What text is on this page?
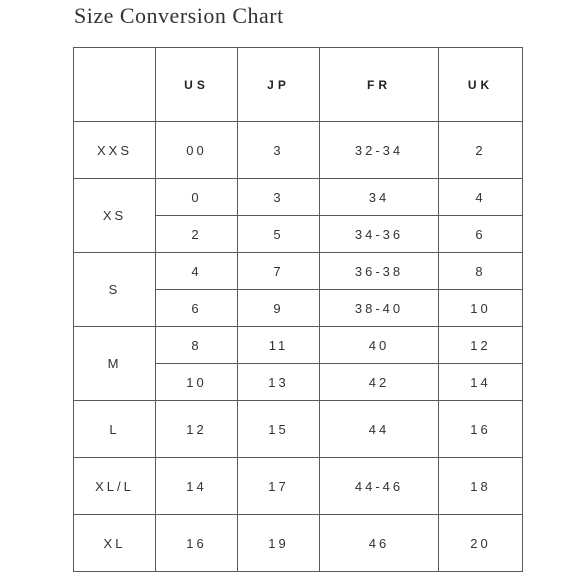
Size Conversion Chart
	US	JP	FR	UK
XXS	00	3	32-34	2
XS	0	3	34	4
	2	5	34-36	6
S	4	7	36-38	8
	6	9	38-40	10
M	8	11	40	12
	10	13	42	14
L	12	15	44	16
XL/L	14	17	44-46	18
XL	16	19	46	20
